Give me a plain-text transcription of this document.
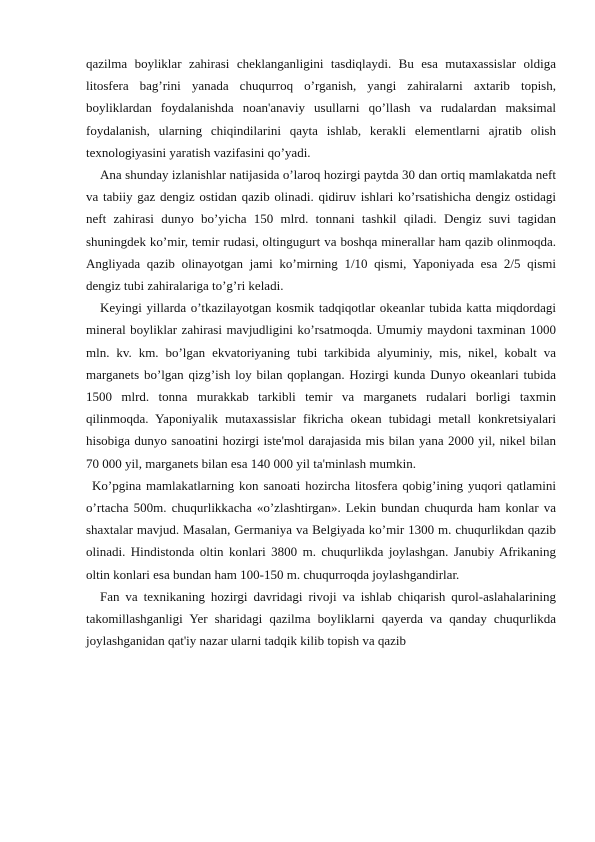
qazilma boyliklar zahirasi cheklanganligini tasdiqlaydi. Bu esa mutaxassislar oldiga litosfera bag’rini yanada chuqurroq o’rganish, yangi zahiralarni axtarib topish, boyliklardan foydalanishda noan'anaviy usullarni qo’llash va rudalardan maksimal foydalanish, ularning chiqindilarini qayta ishlab, kerakli elementlarni ajratib olish texnologiyasini yaratish vazifasini qo’yadi.

Ana shunday izlanishlar natijasida o’laroq hozirgi paytda 30 dan ortiq mamlakatda neft va tabiiy gaz dengiz ostidan qazib olinadi. qidiruv ishlari ko’rsatishicha dengiz ostidagi neft zahirasi dunyo bo’yicha 150 mlrd. tonnani tashkil qiladi. Dengiz suvi tagidan shuningdek ko’mir, temir rudasi, oltingugurt va boshqa minerallar ham qazib olinmoqda. Angliyada qazib olinayotgan jami ko’mirning 1/10 qismi, Yaponiyada esa 2/5 qismi dengiz tubi zahiralariga to’g’ri keladi.

Keyingi yillarda o’tkazilayotgan kosmik tadqiqotlar okeanlar tubida katta miqdordagi mineral boyliklar zahirasi mavjudligini ko’rsatmoqda. Umumiy maydoni taxminan 1000 mln. kv. km. bo’lgan ekvatoriyaning tubi tarkibida alyuminiy, mis, nikel, kobalt va marganets bo’lgan qizg’ish loy bilan qoplangan. Hozirgi kunda Dunyo okeanlari tubida 1500 mlrd. tonna murakkab tarkibli temir va marganets rudalari borligi taxmin qilinmoqda. Yaponiyalik mutaxassislar fikricha okean tubidagi metall konkretsiyalari hisobiga dunyo sanoatini hozirgi iste'mol darajasida mis bilan yana 2000 yil, nikel bilan 70 000 yil, marganets bilan esa 140 000 yil ta'minlash mumkin.

Ko’pgina mamlakatlarning kon sanoati hozircha litosfera qobig’ining yuqori qatlamini o’rtacha 500m. chuqurlikkacha «o’zlashtirgan». Lekin bundan chuqurda ham konlar va shaxtalar mavjud. Masalan, Germaniya va Belgiyada ko’mir 1300 m. chuqurlikdan qazib olinadi. Hindistonda oltin konlari 3800 m. chuqurlikda joylashgan. Janubiy Afrikaning oltin konlari esa bundan ham 100-150 m. chuqurroqda joylashgandirlar.

Fan va texnikaning hozirgi davridagi rivoji va ishlab chiqarish qurol-aslahalarining takomillashganligi Yer sharidagi qazilma boyliklarni qayerda va qanday chuqurlikda joylashganidan qat'iy nazar ularni tadqik kilib topish va qazib
